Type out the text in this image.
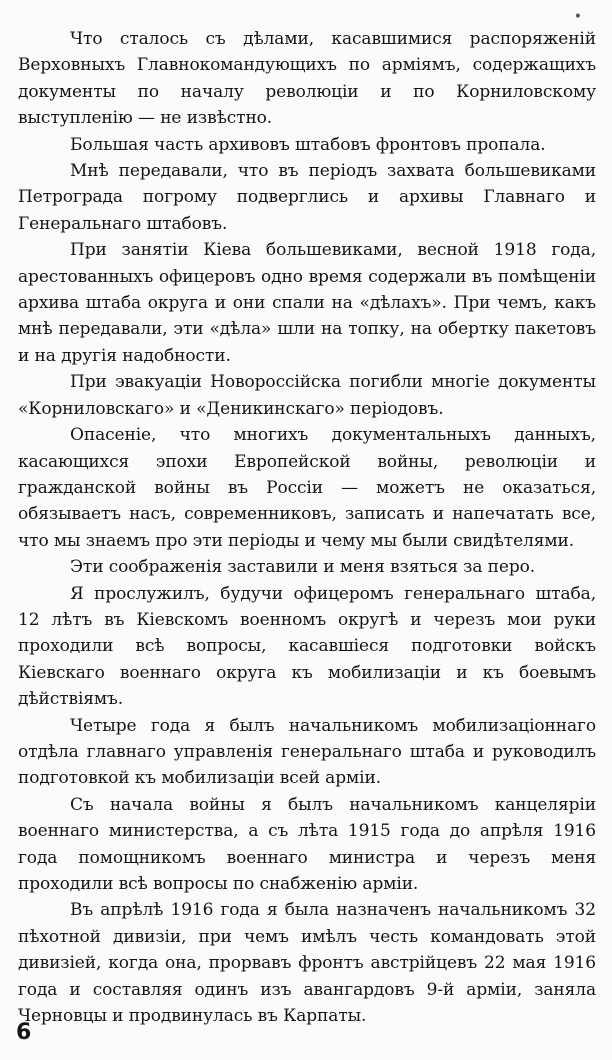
•

Что сталось съ дѣлами, касавшимися распоряженій Верховныхъ Главнокомандующихъ по арміямъ, содержащихъ документы по началу революціи и по Корниловскому выступленію — не извѣстно.

Большая часть архивовъ штабовъ фронтовъ пропала.

Мнѣ передавали, что въ періодъ захвата большевиками Петрограда погрому подверглись и архивы Главнаго и Генеральнаго штабовъ.

При занятіи Кіева большевиками, весной 1918 года, арестованныхъ офицеровъ одно время содержали въ помѣщеніи архива штаба округа и они спали на «дѣлахъ». При чемъ, какъ мнѣ передавали, эти «дѣла» шли на топку, на обертку пакетовъ и на другія надобности.

При эвакуаціи Новороссійска погибли многіе документы «Корниловскаго» и «Деникинскаго» періодовъ.

Опасеніе, что многихъ документальныхъ данныхъ, касающихся эпохи Европейской войны, революціи и гражданской войны въ Россіи — можетъ не оказаться, обязываетъ насъ, современниковъ, записать и напечатать все, что мы знаемъ про эти періоды и чему мы были свидѣтелями.

Эти соображенія заставили и меня взяться за перо.

Я прослужилъ, будучи офицеромъ генеральнаго штаба, 12 лѣтъ въ Кіевскомъ военномъ округѣ и черезъ мои руки проходили всѣ вопросы, касавшіеся подготовки войскъ Кіевскаго военнаго округа къ мобилизаціи и къ боевымъ дѣйствіямъ.

Четыре года я былъ начальникомъ мобилизаціоннаго отдѣла главнаго управленія генеральнаго штаба и руководилъ подготовкой къ мобилизаціи всей арміи.

Съ начала войны я былъ начальникомъ канцеляріи военнаго министерства, а съ лѣта 1915 года до апрѣля 1916 года помощникомъ военнаго министра и черезъ меня проходили всѣ вопросы по снабженію арміи.

Въ апрѣлѣ 1916 года я была назначенъ начальникомъ 32 пѣхотной дивизіи, при чемъ имѣлъ честь командовать этой дивизіей, когда она, прорвавъ фронтъ австрійцевъ 22 мая 1916 года и составляя одинъ изъ авангардовъ 9-й арміи, заняла Черновцы и продвинулась въ Карпаты.

6
